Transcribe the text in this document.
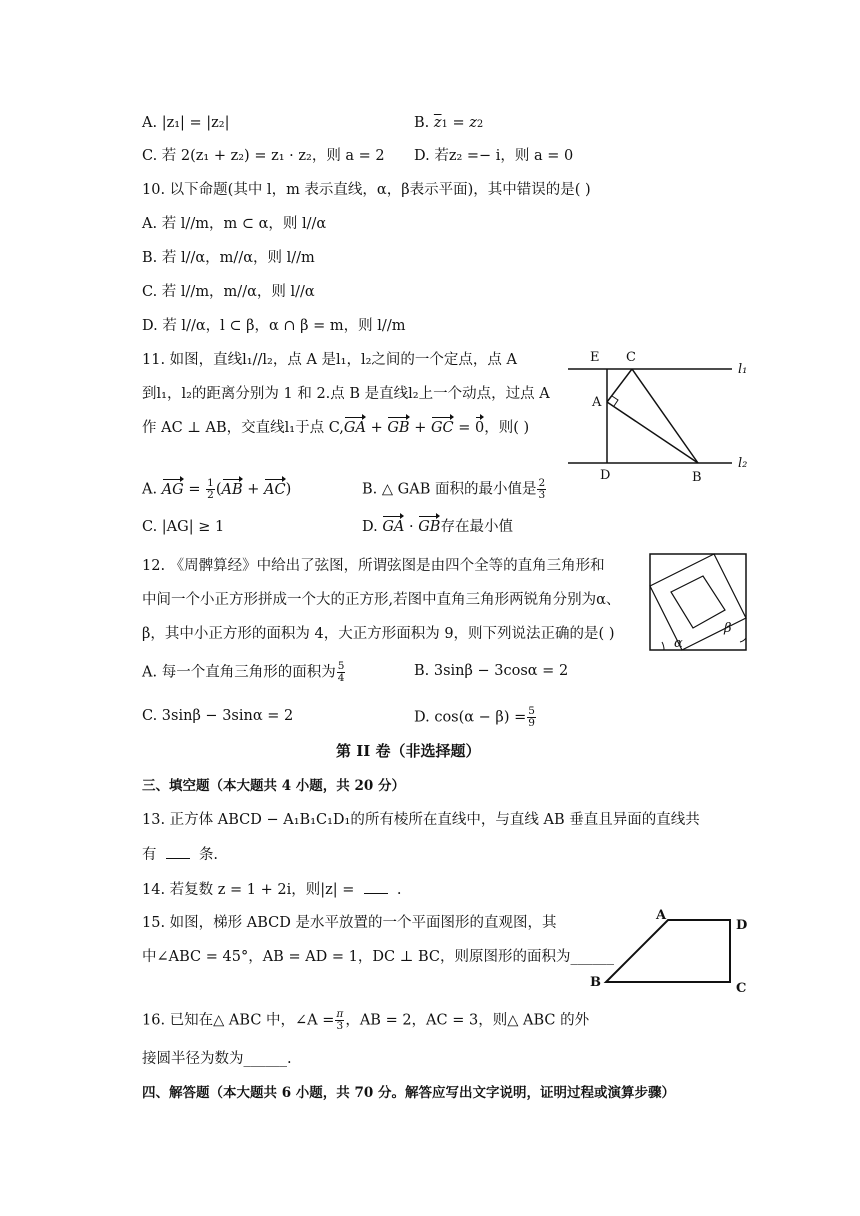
A. |z₁| = |z₂|	B. $\overline{z}1 = z2$
C. 若 2(z₁ + z₂) = z₁ · z₂，则 a = 2 D. 若z₂ =− i，则 a = 0
10. 以下命题(其中 l，m 表示直线，α，β表示平面)，其中错误的是( )
A. 若 l//m，m ⊂ α，则 l//α
B. 若 l//α，m//α，则 l//m
C. 若 l//m，m//α，则 l//α
D. 若 l//α，l ⊂ β，α ∩ β = m，则 l//m
11. 如图，直线l₁//l₂，点 A 是l₁，l₂之间的一个定点，点 A
到l₁，l₂的距离分别为 1 和 2.点 B 是直线l₂上一个动点，过点 A
作 AC ⊥ AB，交直线l₁于点 C,GA + GB + GC = 0，则( )
A. AG = $\frac{1}{2} (AB + AC)$	B. △ GAB 面积的最小值是 $\frac{2}{3}$
C. |AG| ≥ 1	D. GA · GB存在最小值
E C
l₁
A
D	B
l₂
12. 《周髀算经》中给出了弦图，所谓弦图是由四个全等的直角三角形和
中间一个小正方形拼成一个大的正方形,若图中直角三角形两锐角分别为α、
β，其中小正方形的面积为 4，大正方形面积为 9，则下列说法正确的是( )
A. 每一个直角三角形的面积为 $\frac{5}{4}$	B. 3sinβ − 3cosα = 2
C. 3sinβ − 3sinα = 2	D. $\cos(\alpha - \beta) = \frac{5}{9}$
α
β
第 II 卷（非选择题）
三、填空题（本大题共 4 小题，共 20 分）
13. 正方体 ABCD − A₁B₁C₁D₁的所有棱所在直线中，与直线 AB 垂直且异面的直线共
有	条.
14. 若复数 z = 1 + 2i，则|z| =	.
15. 如图，梯形 ABCD 是水平放置的一个平面图形的直观图，其
中∠ABC = 45°，AB = AD = 1，DC ⊥ BC，则原图形的面积为______
A
D
B	C
16. 已知在△ ABC 中，∠A = $\frac{\pi}{3}$ ，AB = 2，AC = 3，则△ ABC 的外
接圆半径为数为______.
四、解答题（本大题共 6 小题，共 70 分。解答应写出文字说明，证明过程或演算步骤）
